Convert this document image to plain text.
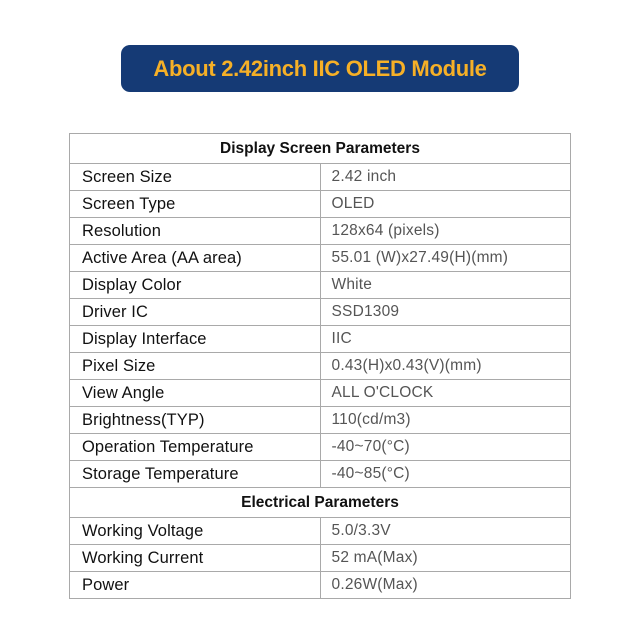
About 2.42inch IIC OLED Module
Display Screen Parameters	
Screen Size	2.42 inch
Screen Type	OLED
Resolution	128x64 (pixels)
Active Area (AA area)	55.01 (W)x27.49(H)(mm)
Display Color	White
Driver IC	SSD1309
Display Interface	IIC
Pixel Size	0.43(H)x0.43(V)(mm)
View Angle	ALL O'CLOCK
Brightness(TYP)	110(cd/m3)
Operation Temperature	-40~70(°C)
Storage Temperature	-40~85(°C)
Electrical Parameters	
Working Voltage	5.0/3.3V
Working Current	52 mA(Max)
Power	0.26W(Max)
